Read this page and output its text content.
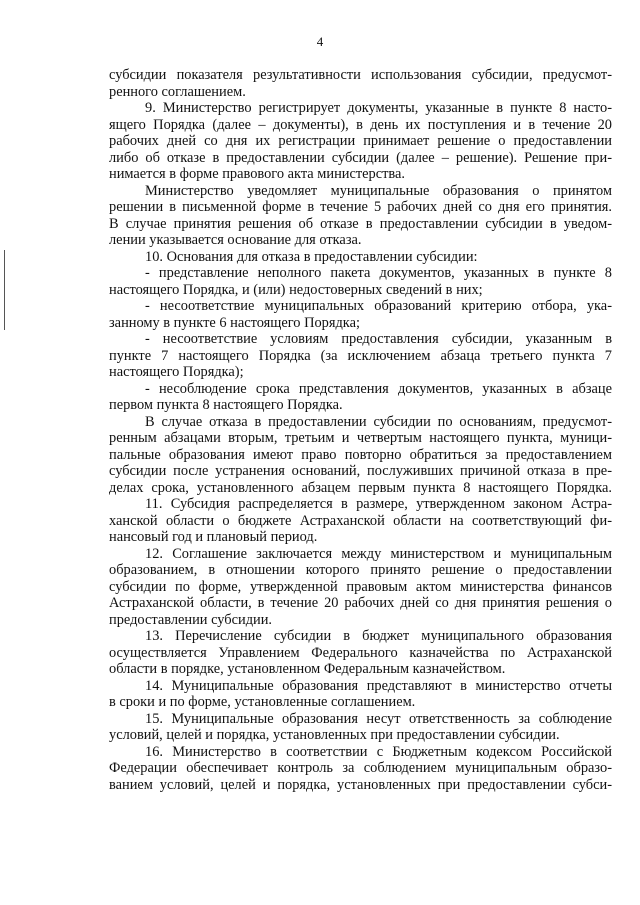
4
субсидии показателя результативности использования субсидии, предусмот-
ренного соглашением.
9. Министерство регистрирует документы, указанные в пункте 8 насто-
ящего Порядка (далее – документы), в день их поступления и в течение 20
рабочих дней со дня их регистрации принимает решение о предоставлении
либо об отказе в предоставлении субсидии (далее – решение). Решение при-
нимается в форме правового акта министерства.
Министерство уведомляет муниципальные образования о принятом
решении в письменной форме в течение 5 рабочих дней со дня его принятия.
В случае принятия решения об отказе в предоставлении субсидии в уведом-
лении указывается основание для отказа.
10. Основания для отказа в предоставлении субсидии:
- представление неполного пакета документов, указанных в пункте 8
настоящего Порядка, и (или) недостоверных сведений в них;
- несоответствие муниципальных образований критерию отбора, ука-
занному в пункте 6 настоящего Порядка;
- несоответствие условиям предоставления субсидии, указанным в
пункте 7 настоящего Порядка (за исключением абзаца третьего пункта 7
настоящего Порядка);
- несоблюдение срока представления документов, указанных в абзаце
первом пункта 8 настоящего Порядка.
В случае отказа в предоставлении субсидии по основаниям, предусмот-
ренным абзацами вторым, третьим и четвертым настоящего пункта, муници-
пальные образования имеют право повторно обратиться за предоставлением
субсидии после устранения оснований, послуживших причиной отказа в пре-
делах срока, установленного абзацем первым пункта 8 настоящего Порядка.
11. Субсидия распределяется в размере, утвержденном законом Астра-
ханской области о бюджете Астраханской области на соответствующий фи-
нансовый год и плановый период.
12. Соглашение заключается между министерством и муниципальным
образованием, в отношении которого принято решение о предоставлении
субсидии по форме, утвержденной правовым актом министерства финансов
Астраханской области, в течение 20 рабочих дней со дня принятия решения о
предоставлении субсидии.
13. Перечисление субсидии в бюджет муниципального образования
осуществляется Управлением Федерального казначейства по Астраханской
области в порядке, установленном Федеральным казначейством.
14. Муниципальные образования представляют в министерство отчеты
в сроки и по форме, установленные соглашением.
15. Муниципальные образования несут ответственность за соблюдение
условий, целей и порядка, установленных при предоставлении субсидии.
16. Министерство в соответствии с Бюджетным кодексом Российской
Федерации обеспечивает контроль за соблюдением муниципальным образо-
ванием условий, целей и порядка, установленных при предоставлении субси-
